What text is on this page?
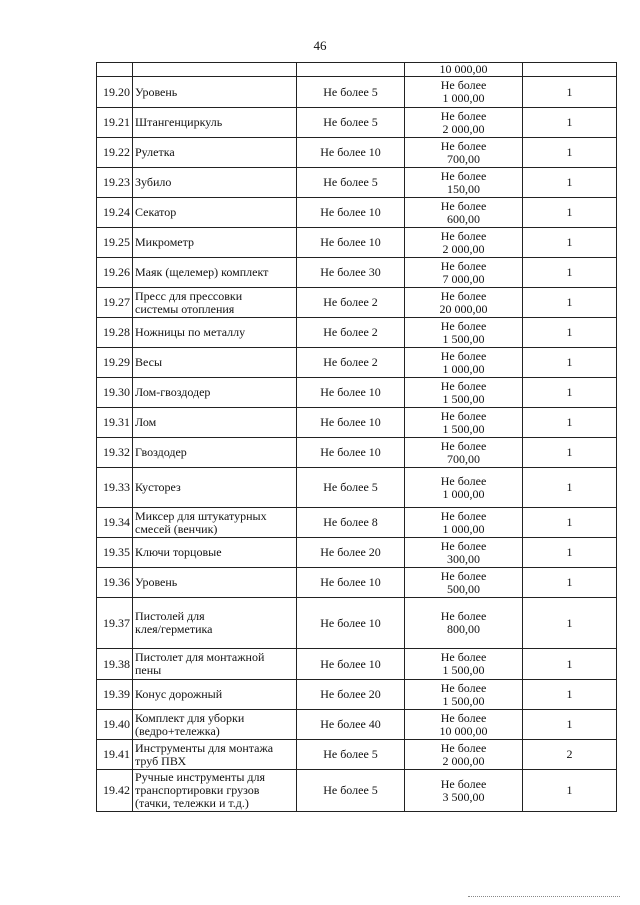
46
			10 000,00	
19.20	Уровень	Не более 5	Не более
1 000,00	1
19.21	Штангенциркуль	Не более 5	Не более
2 000,00	1
19.22	Рулетка	Не более 10	Не более
700,00	1
19.23	Зубило	Не более 5	Не более
150,00	1
19.24	Секатор	Не более 10	Не более
600,00	1
19.25	Микрометр	Не более 10	Не более
2 000,00	1
19.26	Маяк (щелемер) комплект	Не более 30	Не более
7 000,00	1
19.27	Пресс для прессовки
системы отопления	Не более 2	Не более
20 000,00	1
19.28	Ножницы по металлу	Не более 2	Не более
1 500,00	1
19.29	Весы	Не более 2	Не более
1 000,00	1
19.30	Лом-гвоздодер	Не более 10	Не более
1 500,00	1
19.31	Лом	Не более 10	Не более
1 500,00	1
19.32	Гвоздодер	Не более 10	Не более
700,00	1
19.33	Кусторез	Не более 5	Не более
1 000,00	1
19.34	Миксер для штукатурных
смесей (венчик)	Не более 8	Не более
1 000,00	1
19.35	Ключи торцовые	Не более 20	Не более
300,00	1
19.36	Уровень	Не более 10	Не более
500,00	1
19.37	Пистолей для
клея/герметика	Не более 10	Не более
800,00	1
19.38	Пистолет для монтажной
пены	Не более 10	Не более
1 500,00	1
19.39	Конус дорожный	Не более 20	Не более
1 500,00	1
19.40	Комплект для уборки
(ведро+тележка)	Не более 40	Не более
10 000,00	1
19.41	Инструменты для монтажа
труб ПВХ	Не более 5	Не более
2 000,00	2
19.42	Ручные инструменты для
транспортировки грузов
(тачки, тележки и т.д.)	Не более 5	Не более
3 500,00	1
